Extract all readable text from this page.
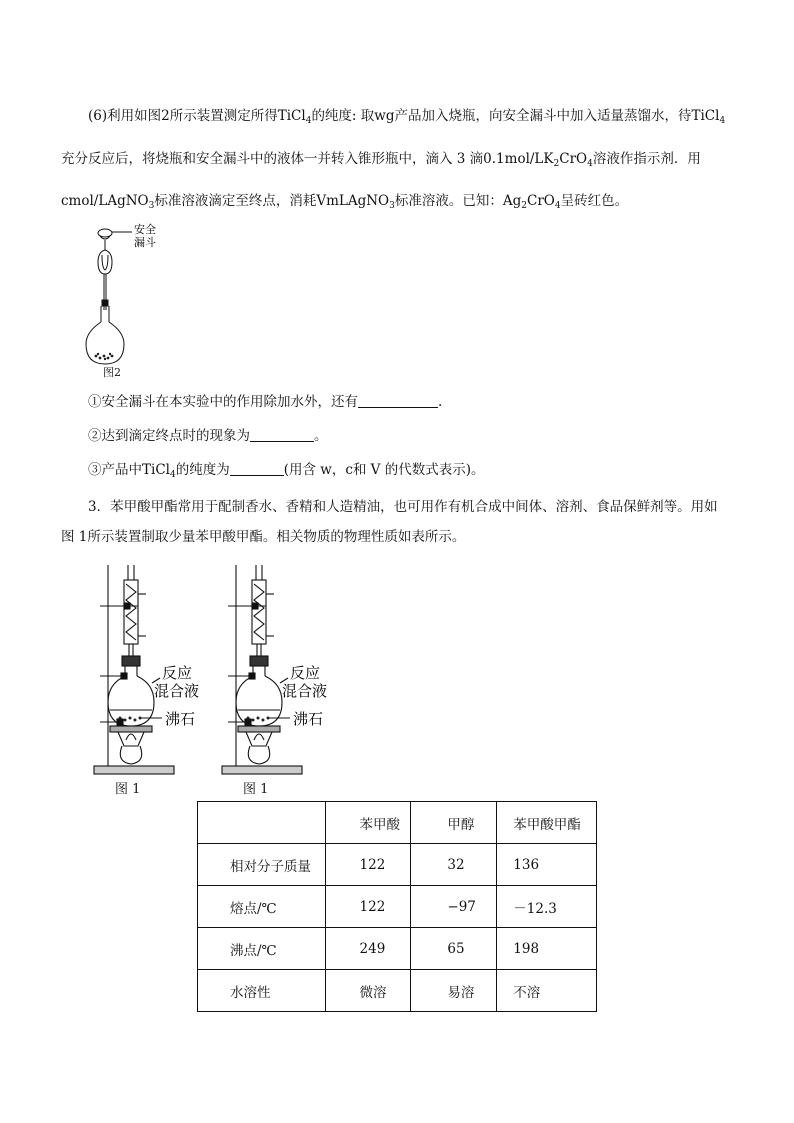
(6)利用如图2所示装置测定所得TiCl$_4$的纯度: 取wg产品加入烧瓶，向安全漏斗中加入适量蒸馏水，待TiCl$_4$
充分反应后，将烧瓶和安全漏斗中的液体一并转入锥形瓶中，滴入 3 滴$0.1mol/LK_2CrO_4$溶液作指示剂．用
cmol/LAgNO$_3$标准溶液滴定至终点，消耗VmLAgNO$_3$标准溶液。已知：$Ag_2CrO_4$呈砖红色。
安全
漏斗
图2
①安全漏斗在本实验中的作用除加水外，还有	.
②达到滴定终点时的现象为	。
③产品中TiCl$_4$的纯度为	(用含 w，c和 V 的代数式表示)。
3．苯甲酸甲酯常用于配制香水、香精和人造精油，也可用作有机合成中间体、溶剂、食品保鲜剂等。用如
图 1所示装置制取少量苯甲酸甲酯。相关物质的物理性质如表所示。
反应
混合液
沸石
图 1
反应
混合液
沸石
图 1
	苯甲酸	甲醇	苯甲酸甲酯
相对分子质量	122	32	136
熔点/℃	122	−97	－12.3
沸点/℃	249	65	198
水溶性	微溶	易溶	不溶
